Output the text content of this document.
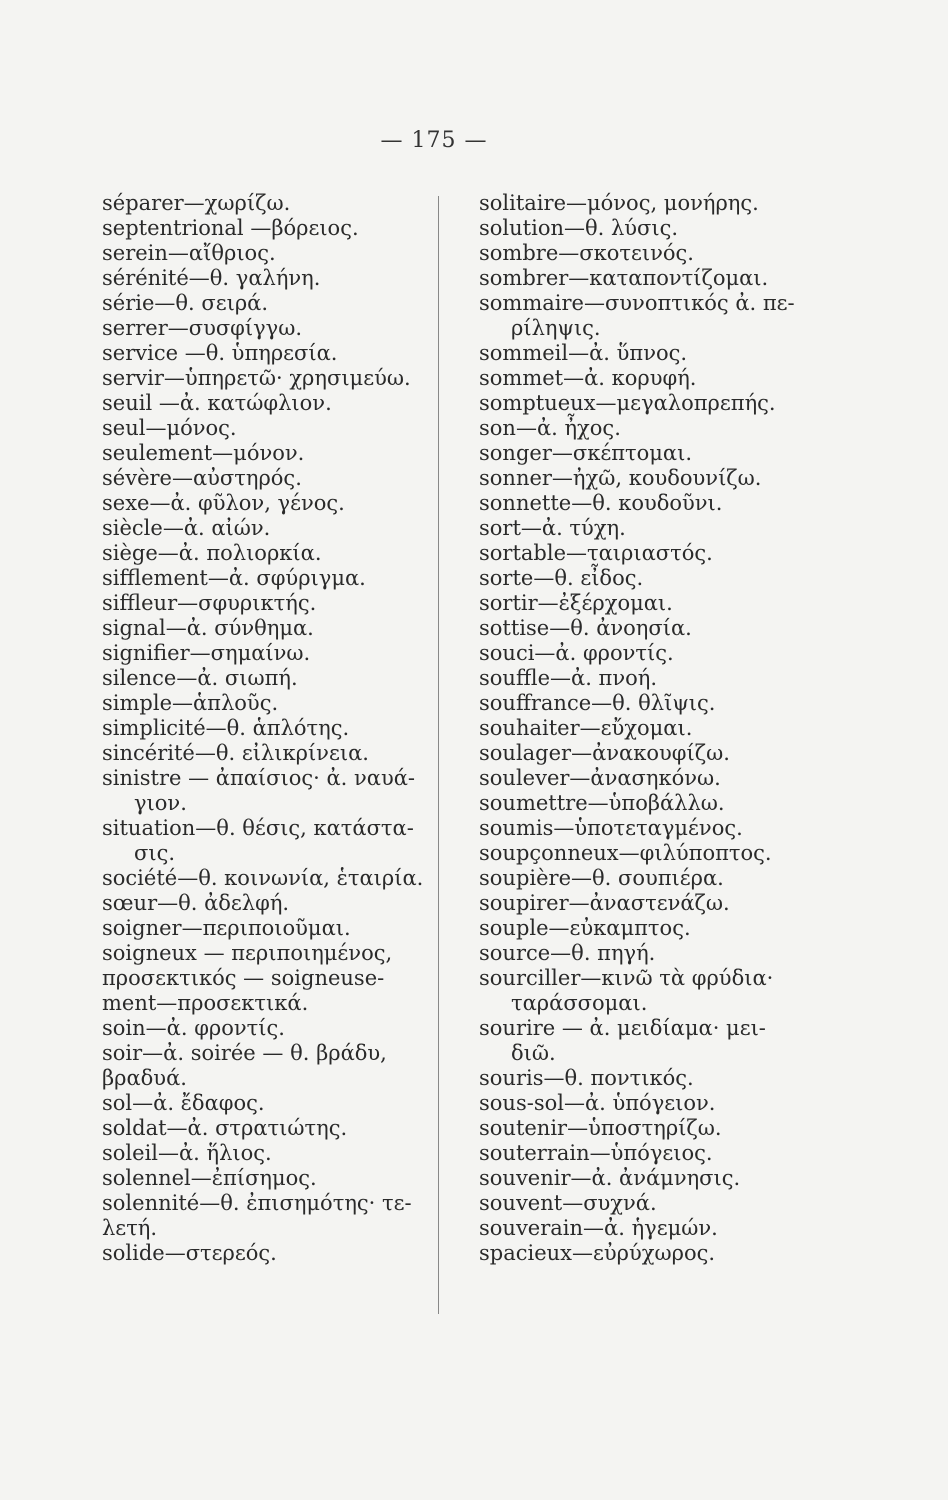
— 175 —
séparer—χωρίζω.
septentrional —βόρειος.
serein—αἴθριος.
sérénité—θ. γαλήνη.
série—θ. σειρά.
serrer—συσφίγγω.
service —θ. ὑπηρεσία.
servir—ὑπηρετῶ· χρησιμεύω.
seuil —ἀ. κατώφλιον.
seul—μόνος.
seulement—μόνον.
sévère—αὐστηρός.
sexe—ἀ. φῦλον, γένος.
siècle—ἀ. αἰών.
siège—ἀ. πολιορκία.
sifflement—ἀ. σφύριγμα.
siffleur—σφυρικτής.
signal—ἀ. σύνθημα.
signifier—σημαίνω.
silence—ἀ. σιωπή.
simple—ἁπλοῦς.
simplicité—θ. ἁπλότης.
sincérité—θ. εἰλικρίνεια.
sinistre — ἀπαίσιος· ἀ. ναυά-
γιον.
situation—θ. θέσις, κατάστα-
σις.
société—θ. κοινωνία, ἑταιρία.
sœur—θ. ἀδελφή.
soigner—περιποιοῦμαι.
soigneux — περιποιημένος,
προσεκτικός — soigneuse-
ment—προσεκτικά.
soin—ἀ. φροντίς.
soir—ἀ. soirée — θ. βράδυ,
βραδυά.
sol—ἀ. ἔδαφος.
soldat—ἀ. στρατιώτης.
soleil—ἀ. ἥλιος.
solennel—ἐπίσημος.
solennité—θ. ἐπισημότης· τε-
λετή.
solide—στερεός.
solitaire—μόνος, μονήρης.
solution—θ. λύσις.
sombre—σκοτεινός.
sombrer—καταποντίζομαι.
sommaire—συνοπτικός ἀ. πε-
ρίληψις.
sommeil—ἀ. ὕπνος.
sommet—ἀ. κορυφή.
somptueux—μεγαλοπρεπής.
son—ἀ. ἦχος.
songer—σκέπτομαι.
sonner—ἠχῶ, κουδουνίζω.
sonnette—θ. κουδοῦνι.
sort—ἀ. τύχη.
sortable—ταιριαστός.
sorte—θ. εἶδος.
sortir—ἐξέρχομαι.
sottise—θ. ἀνοησία.
souci—ἀ. φροντίς.
souffle—ἀ. πνοή.
souffrance—θ. θλῖψις.
souhaiter—εὔχομαι.
soulager—ἀνακουφίζω.
soulever—ἀνασηκόνω.
soumettre—ὑποβάλλω.
soumis—ὑποτεταγμένος.
soupçonneux—φιλύποπτος.
soupière—θ. σουπιέρα.
soupirer—ἀναστενάζω.
souple—εὐκαμπτος.
source—θ. πηγή.
sourciller—κινῶ τὰ φρύδια·
ταράσσομαι.
sourire — ἀ. μειδίαμα· μει-
διῶ.
souris—θ. ποντικός.
sous-sol—ἀ. ὑπόγειον.
soutenir—ὑποστηρίζω.
souterrain—ὑπόγειος.
souvenir—ἀ. ἀνάμνησις.
souvent—συχνά.
souverain—ἀ. ἡγεμών.
spacieux—εὐρύχωρος.
